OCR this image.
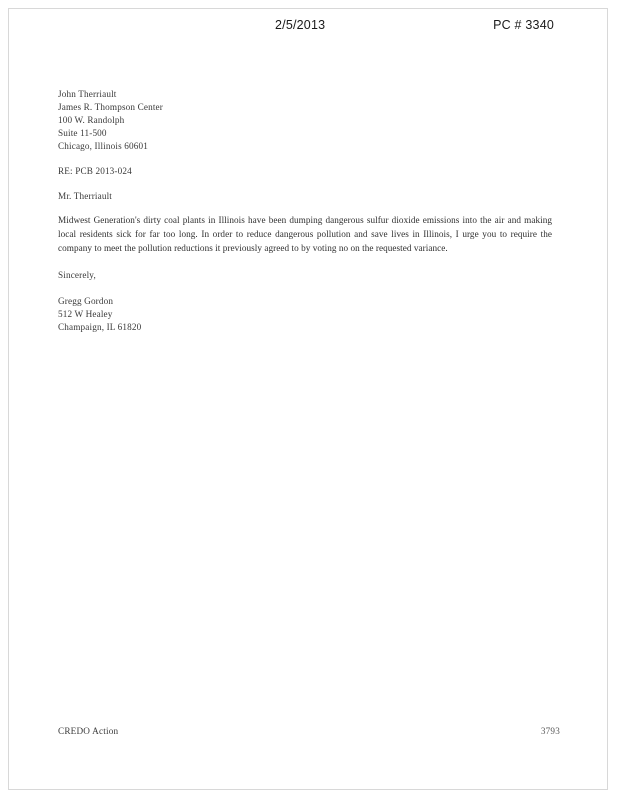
2/5/2013	PC # 3340
John Therriault
James R. Thompson Center
100 W. Randolph
Suite 11-500
Chicago, Illinois 60601
RE: PCB 2013-024
Mr. Therriault
Midwest Generation's dirty coal plants in Illinois have been dumping dangerous sulfur dioxide emissions into the air and making local residents sick for far too long. In order to reduce dangerous pollution and save lives in Illinois, I urge you to require the company to meet the pollution reductions it previously agreed to by voting no on the requested variance.
Sincerely,
Gregg Gordon
512 W Healey
Champaign, IL 61820
CREDO Action	3793
